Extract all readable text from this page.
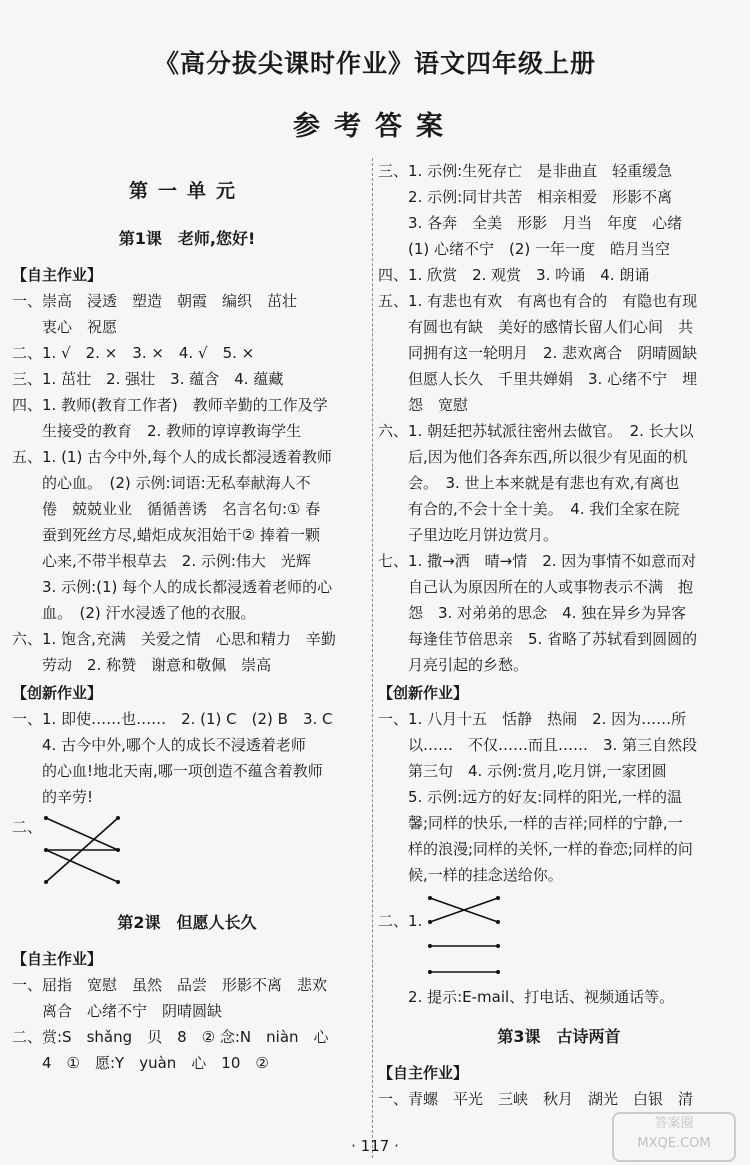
《高分拔尖课时作业》语文四年级上册
参考答案
第一单元
第1课　老师,您好!
【自主作业】
一、崇高　浸透　塑造　朝霞　编织　茁壮
　　衷心　祝愿
二、1. √　2. ×　3. ×　4. √　5. ×
三、1. 茁壮　2. 强壮　3. 蕴含　4. 蕴藏
四、1. 教师(教育工作者)　教师辛勤的工作及学
　　生接受的教育　2. 教师的谆谆教诲学生
五、1. (1) 古今中外,每个人的成长都浸透着教师
　　的心血。　(2) 示例:词语:无私奉献海人不
　　倦　兢兢业业　循循善诱　名言名句:① 春
　　蚕到死丝方尽,蜡炬成灰泪始干② 捧着一颗
　　心来,不带半根草去　2. 示例:伟大　光辉
　　3. 示例:(1) 每个人的成长都浸透着老师的心
　　血。　(2) 汗水浸透了他的衣服。
六、1. 饱含,充满　关爱之情　心思和精力　辛勤
　　劳动　2. 称赞　谢意和敬佩　崇高
【创新作业】
一、1. 即使……也……　2. (1) C　(2) B　3. C
　　4. 古今中外,哪个人的成长不浸透着老师
　　的心血!地北天南,哪一项创造不蕴含着教师
　　的辛劳!
二、
第2课　但愿人长久
【自主作业】
一、屈指　宽慰　虽然　品尝　形影不离　悲欢
　　离合　心绪不宁　阴晴圆缺
二、赏:S　shǎng　贝　8　② 念:N　niàn　心
　　4　①　愿:Y　yuàn　心　10　②
三、1. 示例:生死存亡　是非曲直　轻重缓急
　　2. 示例:同甘共苦　相亲相爱　形影不离
　　3. 各奔　全美　形影　月当　年度　心绪
　　(1) 心绪不宁　(2) 一年一度　皓月当空
四、1. 欣赏　2. 观赏　3. 吟诵　4. 朗诵
五、1. 有悲也有欢　有离也有合的　有隐也有现
　　有圆也有缺　美好的感情长留人们心间　共
　　同拥有这一轮明月　2. 悲欢离合　阴晴圆缺
　　但愿人长久　千里共婵娟　3. 心绪不宁　埋
　　怨　宽慰
六、1. 朝廷把苏轼派往密州去做官。　2. 长大以
　　后,因为他们各奔东西,所以很少有见面的机
　　会。　3. 世上本来就是有悲也有欢,有离也
　　有合的,不会十全十美。　4. 我们全家在院
　　子里边吃月饼边赏月。
七、1. 撒→洒　晴→情　2. 因为事情不如意而对
　　自己认为原因所在的人或事物表示不满　抱
　　怨　3. 对弟弟的思念　4. 独在异乡为异客
　　每逢佳节倍思亲　5. 省略了苏轼看到圆圆的
　　月亮引起的乡愁。
【创新作业】
一、1. 八月十五　恬静　热闹　2. 因为……所
　　以……　不仅……而且……　3. 第三自然段
　　第三句　4. 示例:赏月,吃月饼,一家团圆
　　5. 示例:远方的好友:同样的阳光,一样的温
　　馨;同样的快乐,一样的吉祥;同样的宁静,一
　　样的浪漫;同样的关怀,一样的眷恋;同样的问
　　候,一样的挂念送给你。
二、1.
　　2. 提示:E-mail、打电话、视频通话等。
第3课　古诗两首
【自主作业】
一、青螺　平光　三峡　秋月　湖光　白银　清
· 117 ·
答案圈
MXQE.COM
